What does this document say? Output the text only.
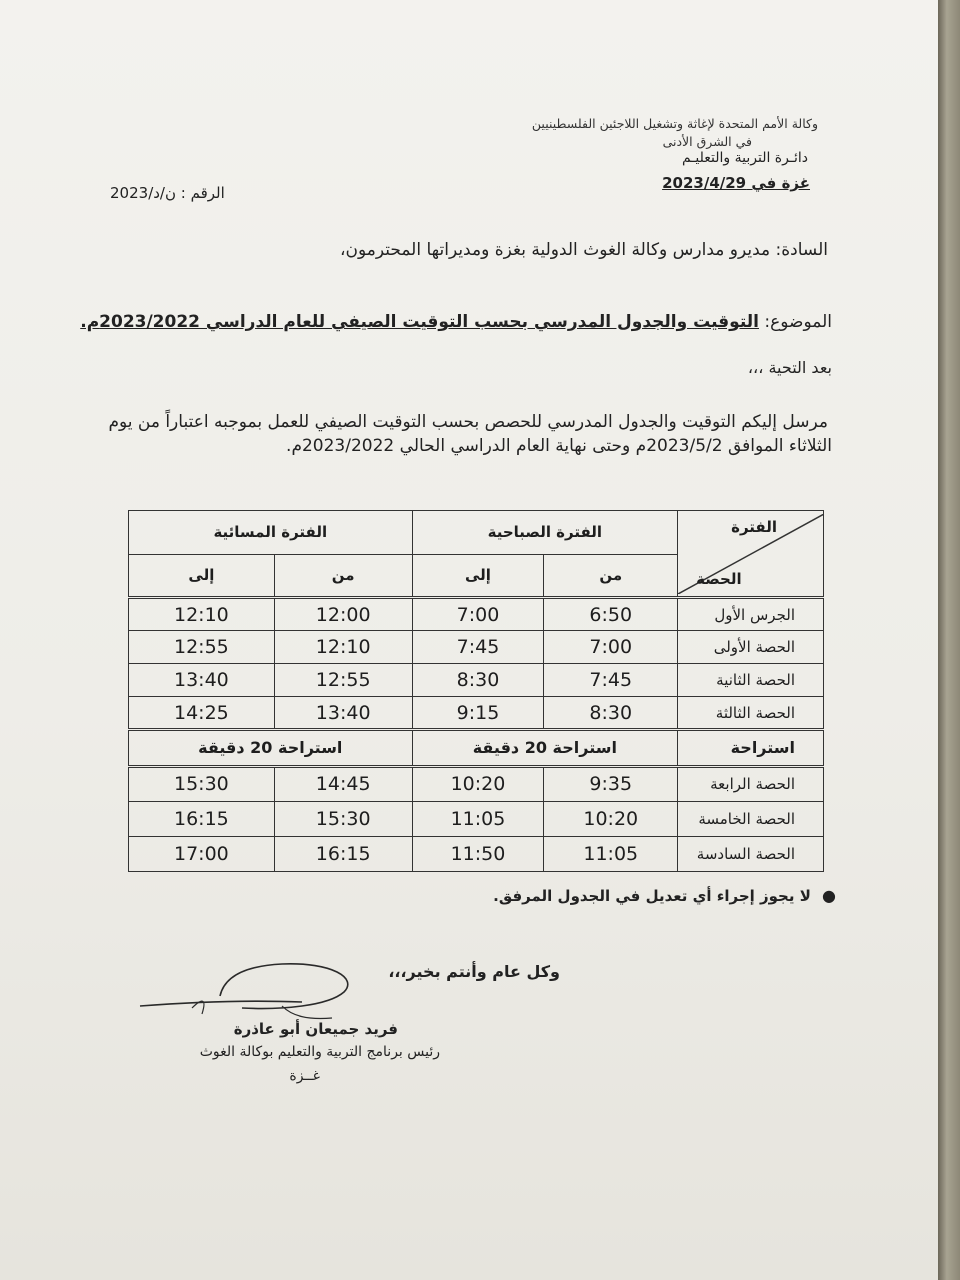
وكالة الأمم المتحدة لإغاثة وتشغيل اللاجئين الفلسطينيين
في الشرق الأدنى
دائـرة التربية والتعليـم
غزة في 2023/4/29
الرقم : ن/د/2023
السادة: مديرو مدارس وكالة الغوث الدولية بغزة ومديراتها المحترمون،
الموضوع: التوقيت والجدول المدرسي بحسب التوقيت الصيفي للعام الدراسي 2023/2022م.
بعد التحية ،،،
مرسل إليكم التوقيت والجدول المدرسي للحصص بحسب التوقيت الصيفي للعمل بموجبه اعتباراً من يوم
الثلاثاء الموافق 2023/5/2م وحتى نهاية العام الدراسي الحالي 2023/2022م.
الفترة
الحصة	الفترة الصباحية		الفترة المسائية	
	من	إلى	من	إلى
الجرس الأول	6:50	7:00	12:00	12:10
الحصة الأولى	7:00	7:45	12:10	12:55
الحصة الثانية	7:45	8:30	12:55	13:40
الحصة الثالثة	8:30	9:15	13:40	14:25
استراحة	استراحة 20 دقيقة		استراحة 20 دقيقة	
الحصة الرابعة	9:35	10:20	14:45	15:30
الحصة الخامسة	10:20	11:05	15:30	16:15
الحصة السادسة	11:05	11:50	16:15	17:00
●  لا يجوز إجراء أي تعديل في الجدول المرفق.
وكل عام وأنتم بخير،،،
فريد جميعان أبو عاذرة
رئيس برنامج التربية والتعليم بوكالة الغوث
غــزة
